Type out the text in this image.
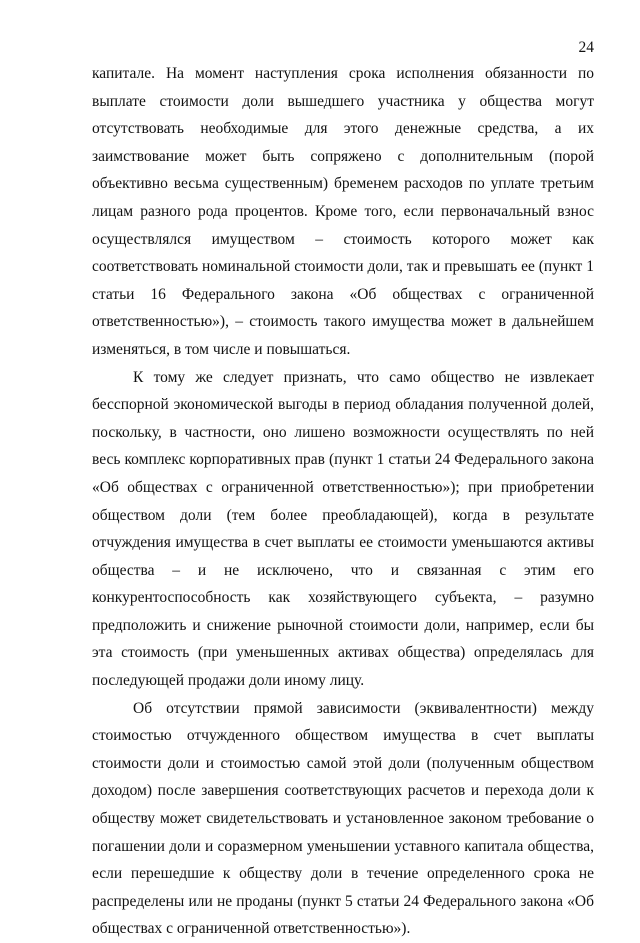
24

капитале. На момент наступления срока исполнения обязанности по выплате стоимости доли вышедшего участника у общества могут отсутствовать необходимые для этого денежные средства, а их заимствование может быть сопряжено с дополнительным (порой объективно весьма существенным) бременем расходов по уплате третьим лицам разного рода процентов. Кроме того, если первоначальный взнос осуществлялся имуществом – стоимость которого может как соответствовать номинальной стоимости доли, так и превышать ее (пункт 1 статьи 16 Федерального закона «Об обществах с ограниченной ответственностью»), – стоимость такого имущества может в дальнейшем изменяться, в том числе и повышаться.

К тому же следует признать, что само общество не извлекает бесспорной экономической выгоды в период обладания полученной долей, поскольку, в частности, оно лишено возможности осуществлять по ней весь комплекс корпоративных прав (пункт 1 статьи 24 Федерального закона «Об обществах с ограниченной ответственностью»); при приобретении обществом доли (тем более преобладающей), когда в результате отчуждения имущества в счет выплаты ее стоимости уменьшаются активы общества – и не исключено, что и связанная с этим его конкурентоспособность как хозяйствующего субъекта, – разумно предположить и снижение рыночной стоимости доли, например, если бы эта стоимость (при уменьшенных активах общества) определялась для последующей продажи доли иному лицу.

Об отсутствии прямой зависимости (эквивалентности) между стоимостью отчужденного обществом имущества в счет выплаты стоимости доли и стоимостью самой этой доли (полученным обществом доходом) после завершения соответствующих расчетов и перехода доли к обществу может свидетельствовать и установленное законом требование о погашении доли и соразмерном уменьшении уставного капитала общества, если перешедшие к обществу доли в течение определенного срока не распределены или не проданы (пункт 5 статьи 24 Федерального закона «Об обществах с ограниченной ответственностью»).
